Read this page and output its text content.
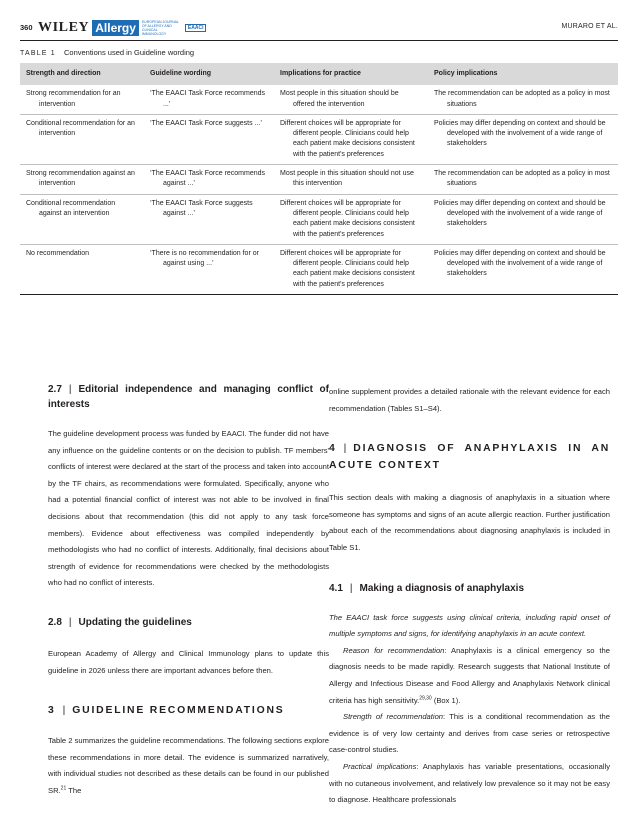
360 WILEY Allergy	EUROPEAN JOURNAL OF ALLERGY AND CLINICAL IMMUNOLOGY
EAACI	MURARO ET AL.
TABLE 1 Conventions used in Guideline wording
Strength and direction	Guideline wording	Implications for practice	Policy implications

Strong recommendation for an intervention	‘The EAACI Task Force recommends ...’	Most people in this situation should be offered the intervention	The recommendation can be adopted as a policy in most situations

Conditional recommendation for an intervention	‘The EAACI Task Force suggests ...’	Different choices will be appropriate for different people. Clinicians could help each patient make decisions consistent with the patient's preferences	Policies may differ depending on context and should be developed with the involvement of a wide range of stakeholders

Strong recommendation against an intervention	‘The EAACI Task Force recommends against ...’	Most people in this situation should not use this intervention	The recommendation can be adopted as a policy in most situations

Conditional recommendation against an intervention	‘The EAACI Task Force suggests against ...’	Different choices will be appropriate for different people. Clinicians could help each patient make decisions consistent with the patient's preferences	Policies may differ depending on context and should be developed with the involvement of a wide range of stakeholders

No recommendation	‘There is no recommendation for or against using ...’	Different choices will be appropriate for different people. Clinicians could help each patient make decisions consistent with the patient's preferences	Policies may differ depending on context and should be developed with the involvement of a wide range of stakeholders

2.7 | Editorial independence and managing conflict of interests

The guideline development process was funded by EAACI. The funder did not have any influence on the guideline contents or on the decision to publish. TF members' conflicts of interest were declared at the start of the process and taken into account by the TF chairs, as recommendations were formulated. Specifically, anyone who had a potential financial conflict of interest was not able to be involved in final decisions about that recommendation (this did not apply to any task force members). Evidence about effectiveness was compiled independently by methodologists who had no conflict of interests. Additionally, final decisions about strength of evidence for recommendations were checked by the methodologists who had no conflict of interests.

2.8 | Updating the guidelines

European Academy of Allergy and Clinical Immunology plans to update this guideline in 2026 unless there are important advances before then.

3 | GUIDELINE RECOMMENDATIONS

Table 2 summarizes the guideline recommendations. The following sections explore these recommendations in more detail. The evidence is summarized narratively, with individual studies not described as these details can be found in our published SR.$^{21}$ The

online supplement provides a detailed rationale with the relevant evidence for each recommendation (Tables S1–S4).

4 | DIAGNOSIS OF ANAPHYLAXIS IN AN ACUTE CONTEXT

This section deals with making a diagnosis of anaphylaxis in a situation where someone has symptoms and signs of an acute allergic reaction. Further justification about each of the recommendations about diagnosing anaphylaxis is included in Table S1.

4.1 | Making a diagnosis of anaphylaxis

The EAACI task force suggests using clinical criteria, including rapid onset of multiple symptoms and signs, for identifying anaphylaxis in an acute context.

Reason for recommendation: Anaphylaxis is a clinical emergency so the diagnosis needs to be made rapidly. Research suggests that National Institute of Allergy and Infectious Disease and Food Allergy and Anaphylaxis Network clinical criteria has high sensitivity.$^{29,30}$ (Box 1).

Strength of recommendation: This is a conditional recommendation as the evidence is of very low certainty and derives from case series or retrospective case-control studies.

Practical implications: Anaphylaxis has variable presentations, occasionally with no cutaneous involvement, and relatively low prevalence so it may not be easy to diagnose. Healthcare professionals
